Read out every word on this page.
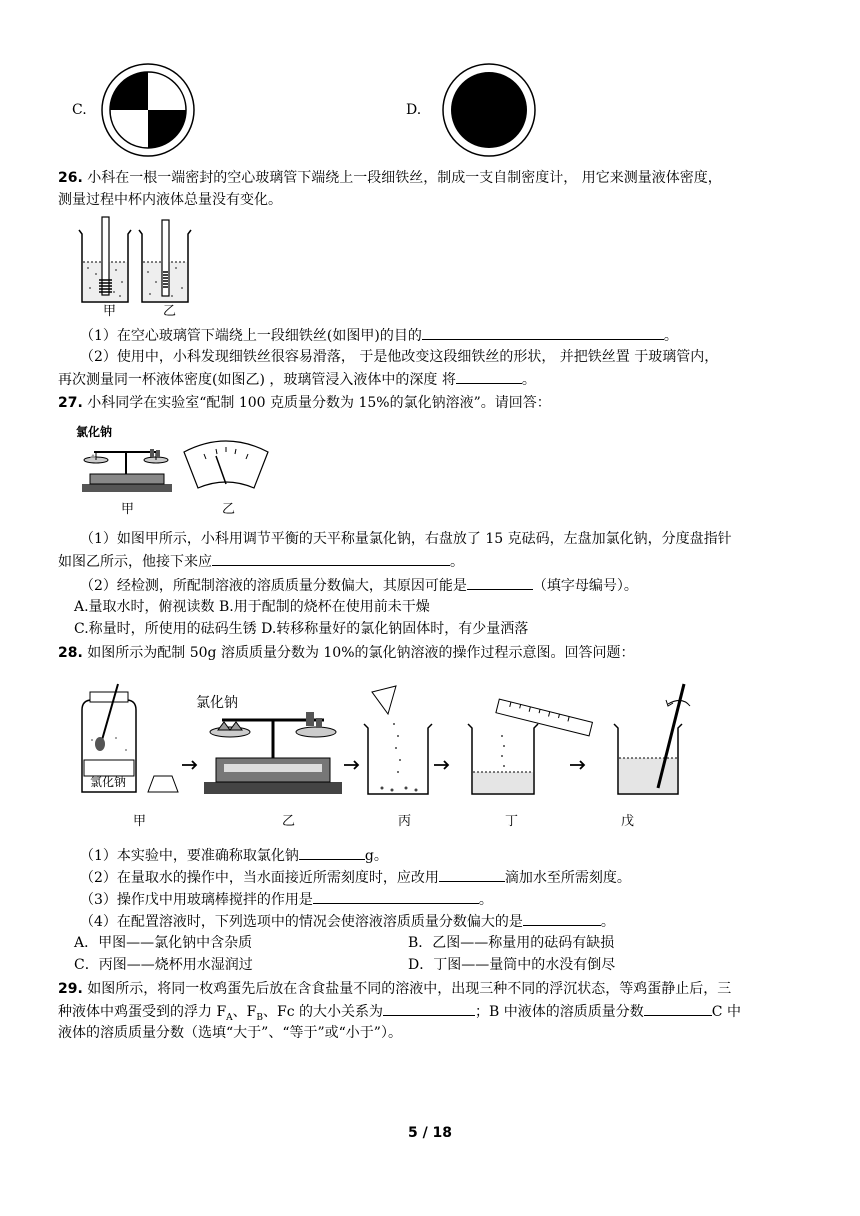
C.	D.
26. 小科在一根一端密封的空心玻璃管下端绕上一段细铁丝，制成一支自制密度计， 用它来测量液体密度，
测量过程中杯内液体总量没有变化。
甲	乙
（1）在空心玻璃管下端绕上一段细铁丝(如图甲)的目的	。
（2）使用中，小科发现细铁丝很容易滑落， 于是他改变这段细铁丝的形状， 并把铁丝置 于玻璃管内，
再次测量同一杯液体密度(如图乙) ，玻璃管浸入液体中的深度 将	。
27. 小科同学在实验室“配制 100 克质量分数为 15%的氯化钠溶液”。请回答：
氯化钠
甲	乙
（1）如图甲所示，小科用调节平衡的天平称量氯化钠，右盘放了 15 克砝码，左盘加氯化钠，分度盘指针
如图乙所示，他接下来应	。
（2）经检测，所配制溶液的溶质质量分数偏大，其原因可能是	（填字母编号）。
A.量取水时，俯视读数 B.用于配制的烧杯在使用前未干燥
C.称量时，所使用的砝码生锈 D.转移称量好的氯化钠固体时，有少量洒落
28. 如图所示为配制 50g 溶质质量分数为 10%的氯化钠溶液的操作过程示意图。回答问题：
氯化钠
氯化钠
甲	乙	丙	丁	戊
（1）本实验中，要准确称取氯化钠	g。
（2）在量取水的操作中，当水面接近所需刻度时，应改用	滴加水至所需刻度。
（3）操作戊中用玻璃棒搅拌的作用是	。
（4）在配置溶液时，下列选项中的情况会使溶液溶质质量分数偏大的是	。
A．甲图——氯化钠中含杂质	B．乙图——称量用的砝码有缺损
C．丙图——烧杯用水湿润过	D．丁图——量筒中的水没有倒尽
29. 如图所示，将同一枚鸡蛋先后放在含食盐量不同的溶液中，出现三种不同的浮沉状态，等鸡蛋静止后，三
种液体中鸡蛋受到的浮力 $F_A$、$F_B$、Fc 的大小关系为	；B 中液体的溶质质量分数	C 中
液体的溶质质量分数（选填“大于”、“等于”或“小于”）。
5 / 18
